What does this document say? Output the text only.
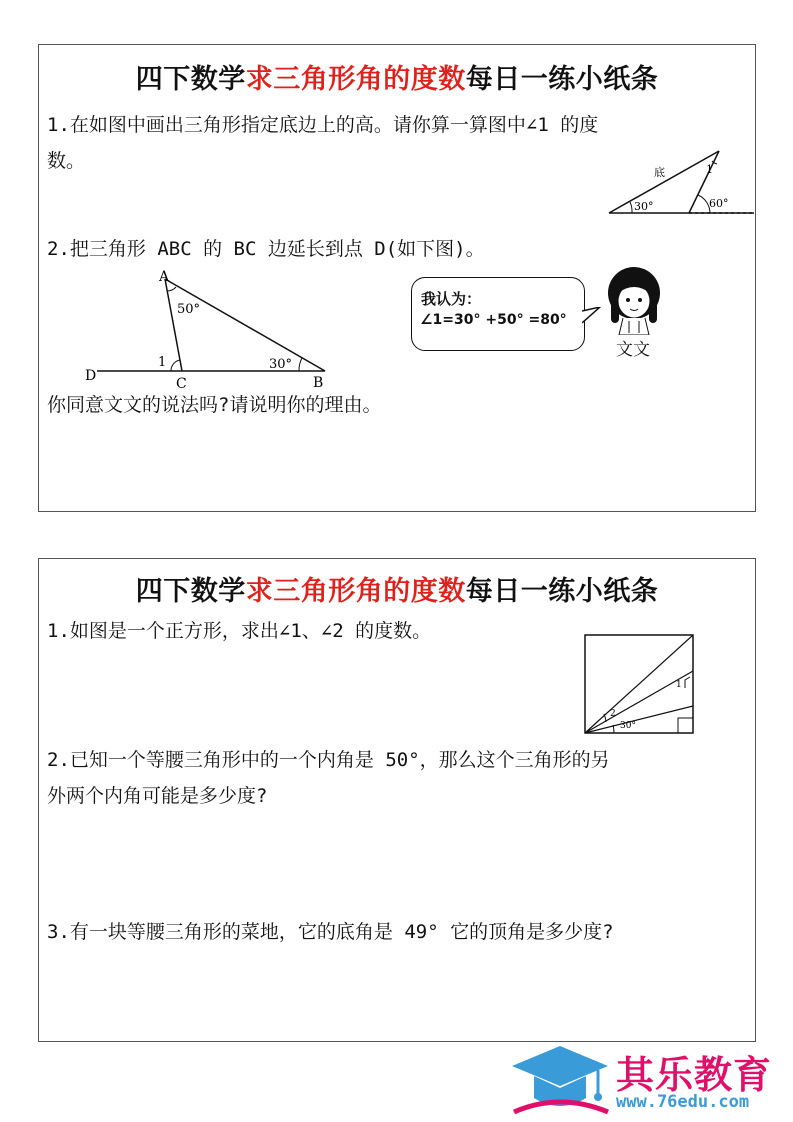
四下数学求三角形角的度数每日一练小纸条
1.在如图中画出三角形指定底边上的高。请你算一算图中∠1 的度
数。
底	1
30°	60°
2.把三角形 ABC 的 BC 边延长到点 D(如下图)。
A
50°
1	30°
D	C	B
我认为：
∠1=30° +50° =80°
文文
你同意文文的说法吗?请说明你的理由。
四下数学求三角形角的度数每日一练小纸条
1.如图是一个正方形，求出∠1、∠2 的度数。
1
2
30°
2.已知一个等腰三角形中的一个内角是 50°，那么这个三角形的另
外两个内角可能是多少度?
3.有一块等腰三角形的菜地，它的底角是 49° 它的顶角是多少度?
其乐教育
www.76edu.com
